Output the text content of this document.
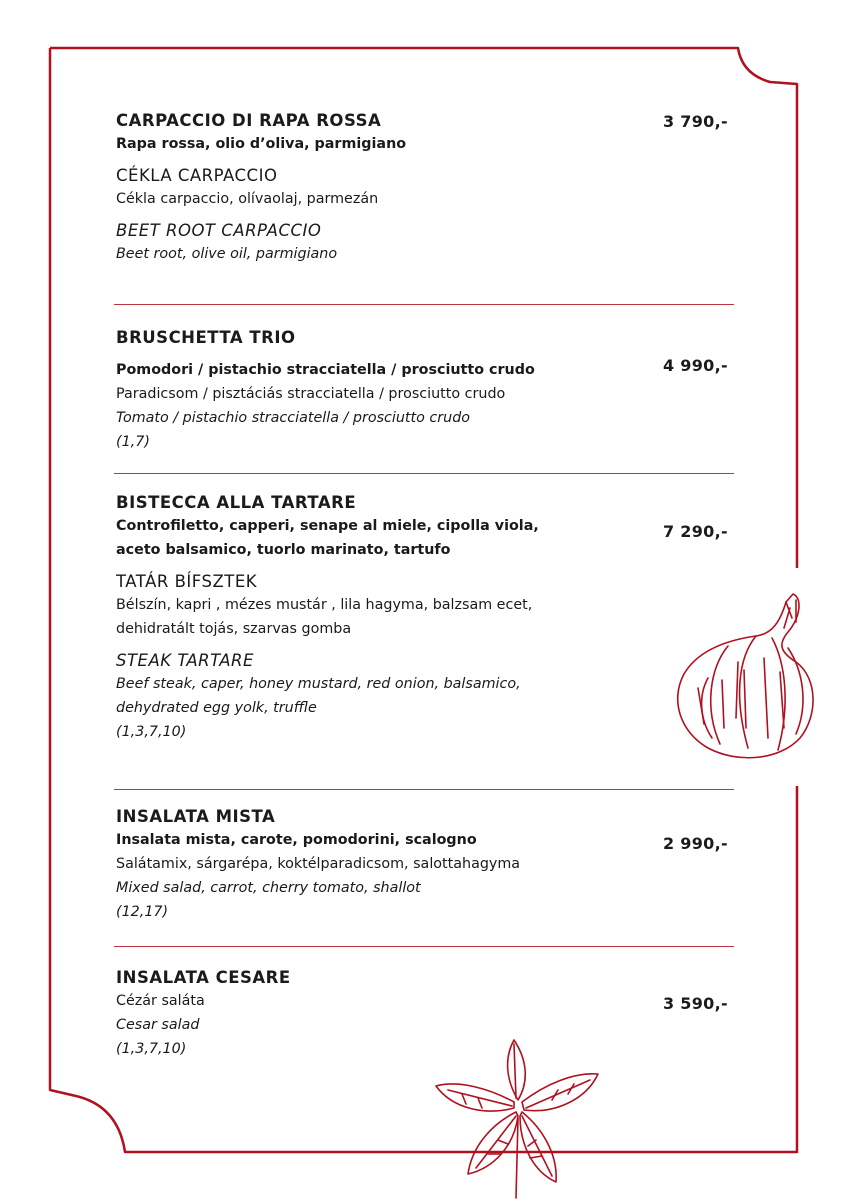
CARPACCIO DI RAPA ROSSA
Rapa rossa, olio d’oliva, parmigiano
CÉKLA CARPACCIO
Cékla carpaccio, olívaolaj, parmezán
BEET ROOT CARPACCIO
Beet root, olive oil, parmigiano
3 790,-
BRUSCHETTA TRIO
Pomodori / pistachio stracciatella / prosciutto crudo
Paradicsom / pisztáciás stracciatella / prosciutto crudo
Tomato / pistachio stracciatella / prosciutto crudo
(1,7)
4 990,-
BISTECCA ALLA TARTARE
Controfiletto, capperi, senape al miele, cipolla viola,
aceto balsamico, tuorlo marinato, tartufo
TATÁR BÍFSZTEK
Bélszín, kapri , mézes mustár , lila hagyma, balzsam ecet,
dehidratált tojás, szarvas gomba
STEAK TARTARE
Beef steak, caper, honey mustard, red onion, balsamico,
dehydrated egg yolk, truffle
(1,3,7,10)
7 290,-
INSALATA MISTA
Insalata mista, carote, pomodorini, scalogno
Salátamix, sárgarépa, koktélparadicsom, salottahagyma
Mixed salad, carrot, cherry tomato, shallot
(12,17)
2 990,-
INSALATA CESARE
Cézár saláta
Cesar salad
(1,3,7,10)
3 590,-
